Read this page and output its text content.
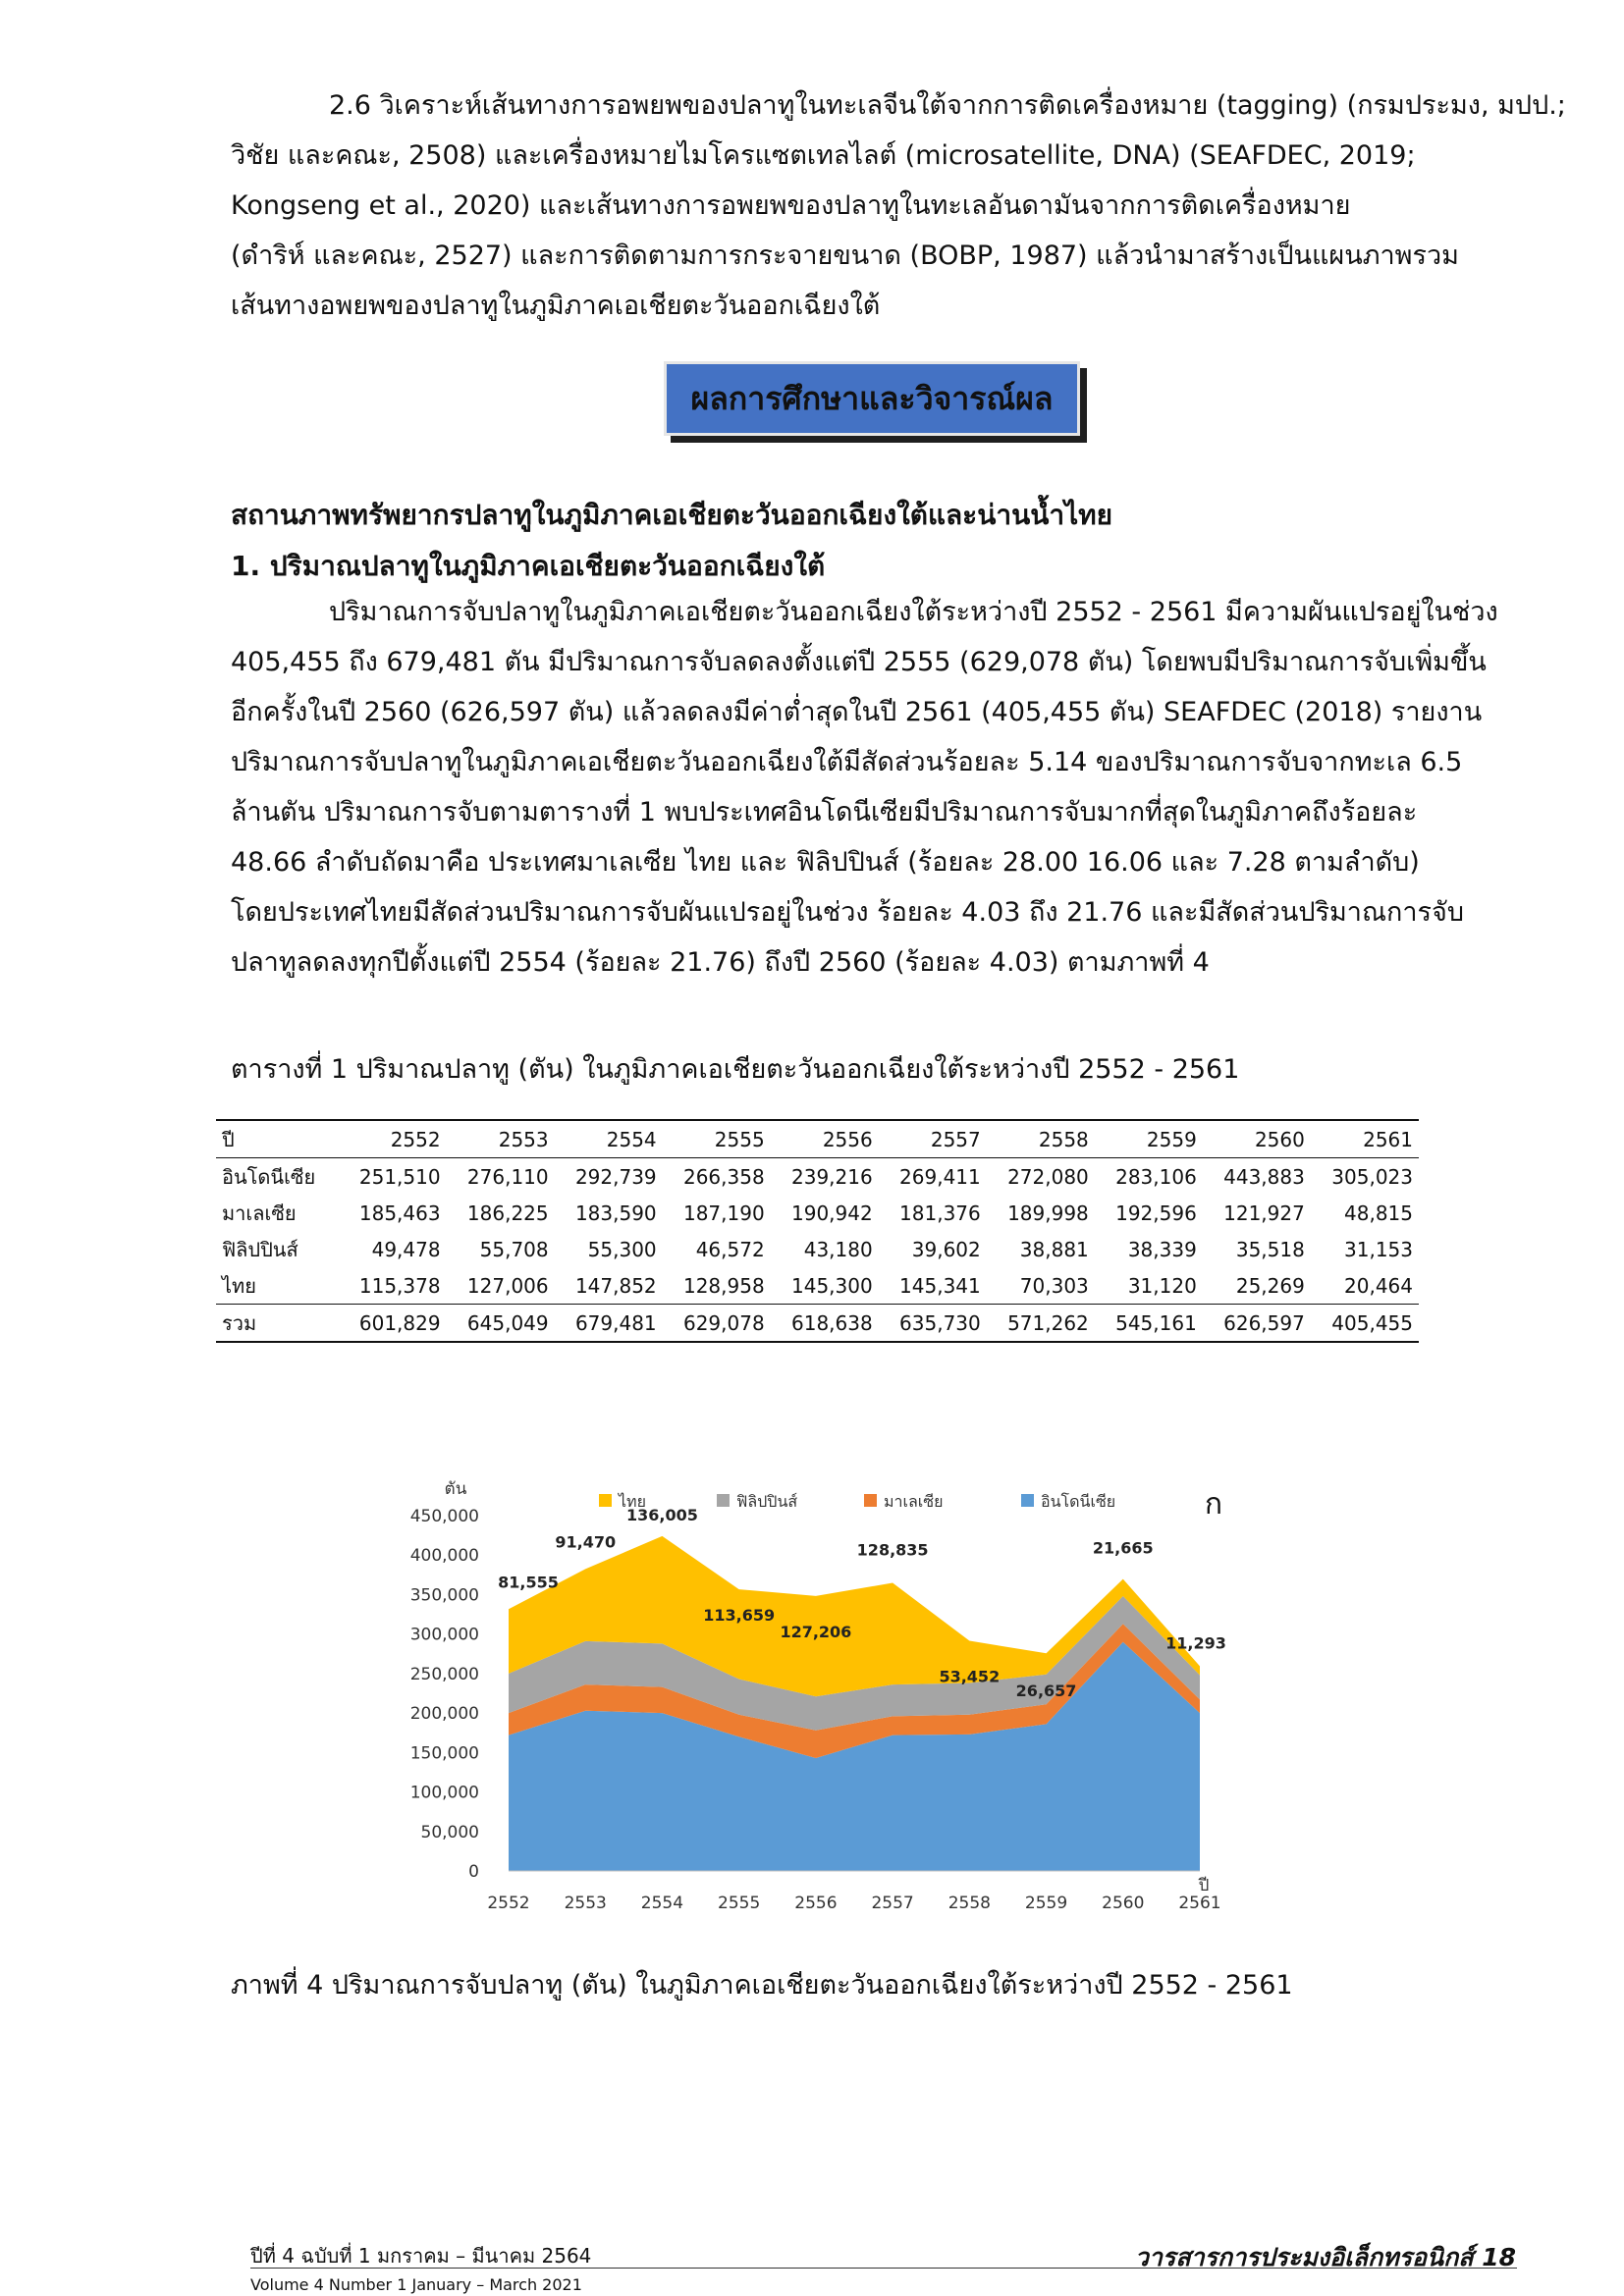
2.6 วิเคราะห์เส้นทางการอพยพของปลาทูในทะเลจีนใต้จากการติดเครื่องหมาย (tagging) (กรมประมง, มปป.;
วิชัย และคณะ, 2508) และเครื่องหมายไมโครแซตเทลไลต์ (microsatellite, DNA) (SEAFDEC, 2019;
Kongseng et al., 2020) และเส้นทางการอพยพของปลาทูในทะเลอันดามันจากการติดเครื่องหมาย
(ดำริห์ และคณะ, 2527) และการติดตามการกระจายขนาด (BOBP, 1987) แล้วนำมาสร้างเป็นแผนภาพรวม
เส้นทางอพยพของปลาทูในภูมิภาคเอเชียตะวันออกเฉียงใต้
ผลการศึกษาและวิจารณ์ผล
สถานภาพทรัพยากรปลาทูในภูมิภาคเอเชียตะวันออกเฉียงใต้และน่านน้ำไทย
1. ปริมาณปลาทูในภูมิภาคเอเชียตะวันออกเฉียงใต้
ปริมาณการจับปลาทูในภูมิภาคเอเชียตะวันออกเฉียงใต้ระหว่างปี 2552 - 2561 มีความผันแปรอยู่ในช่วง
405,455 ถึง 679,481 ตัน มีปริมาณการจับลดลงตั้งแต่ปี 2555 (629,078 ตัน) โดยพบมีปริมาณการจับเพิ่มขึ้น
อีกครั้งในปี 2560 (626,597 ตัน) แล้วลดลงมีค่าต่ำสุดในปี 2561 (405,455 ตัน) SEAFDEC (2018) รายงาน
ปริมาณการจับปลาทูในภูมิภาคเอเชียตะวันออกเฉียงใต้มีสัดส่วนร้อยละ 5.14 ของปริมาณการจับจากทะเล 6.5
ล้านตัน ปริมาณการจับตามตารางที่ 1 พบประเทศอินโดนีเซียมีปริมาณการจับมากที่สุดในภูมิภาคถึงร้อยละ
48.66 ลำดับถัดมาคือ ประเทศมาเลเซีย ไทย และ ฟิลิปปินส์ (ร้อยละ 28.00 16.06 และ 7.28 ตามลำดับ)
โดยประเทศไทยมีสัดส่วนปริมาณการจับผันแปรอยู่ในช่วง ร้อยละ 4.03 ถึง 21.76 และมีสัดส่วนปริมาณการจับ
ปลาทูลดลงทุกปีตั้งแต่ปี 2554 (ร้อยละ 21.76) ถึงปี 2560 (ร้อยละ 4.03) ตามภาพที่ 4
ตารางที่ 1 ปริมาณปลาทู (ตัน) ในภูมิภาคเอเชียตะวันออกเฉียงใต้ระหว่างปี 2552 - 2561
ปี	2552	2553	2554	2555	2556	2557	2558	2559	2560	2561
อินโดนีเซีย	251,510	276,110	292,739	266,358	239,216	269,411	272,080	283,106	443,883	305,023
มาเลเซีย	185,463	186,225	183,590	187,190	190,942	181,376	189,998	192,596	121,927	48,815
ฟิลิปปินส์	49,478	55,708	55,300	46,572	43,180	39,602	38,881	38,339	35,518	31,153
ไทย	115,378	127,006	147,852	128,958	145,300	145,341	70,303	31,120	25,269	20,464
รวม	601,829	645,049	679,481	629,078	618,638	635,730	571,262	545,161	626,597	405,455
0
50,000
100,000
150,000
200,000
250,000
300,000
350,000
400,000
450,000
2552 2553 2554 2555 2556 2557 2558 2559 2560 2561
ตัน
ปี
81,555
91,470
136,005
113,659
127,206
128,835
53,452
26,657
21,665
11,293
ไทย	ฟิลิปปินส์	มาเลเซีย	อินโดนีเซีย	ก
ภาพที่ 4 ปริมาณการจับปลาทู (ตัน) ในภูมิภาคเอเชียตะวันออกเฉียงใต้ระหว่างปี 2552 - 2561
ปีที่ 4 ฉบับที่ 1 มกราคม – มีนาคม 2564	วารสารการประมงอิเล็กทรอนิกส์ 18
Volume 4 Number 1 January – March 2021
